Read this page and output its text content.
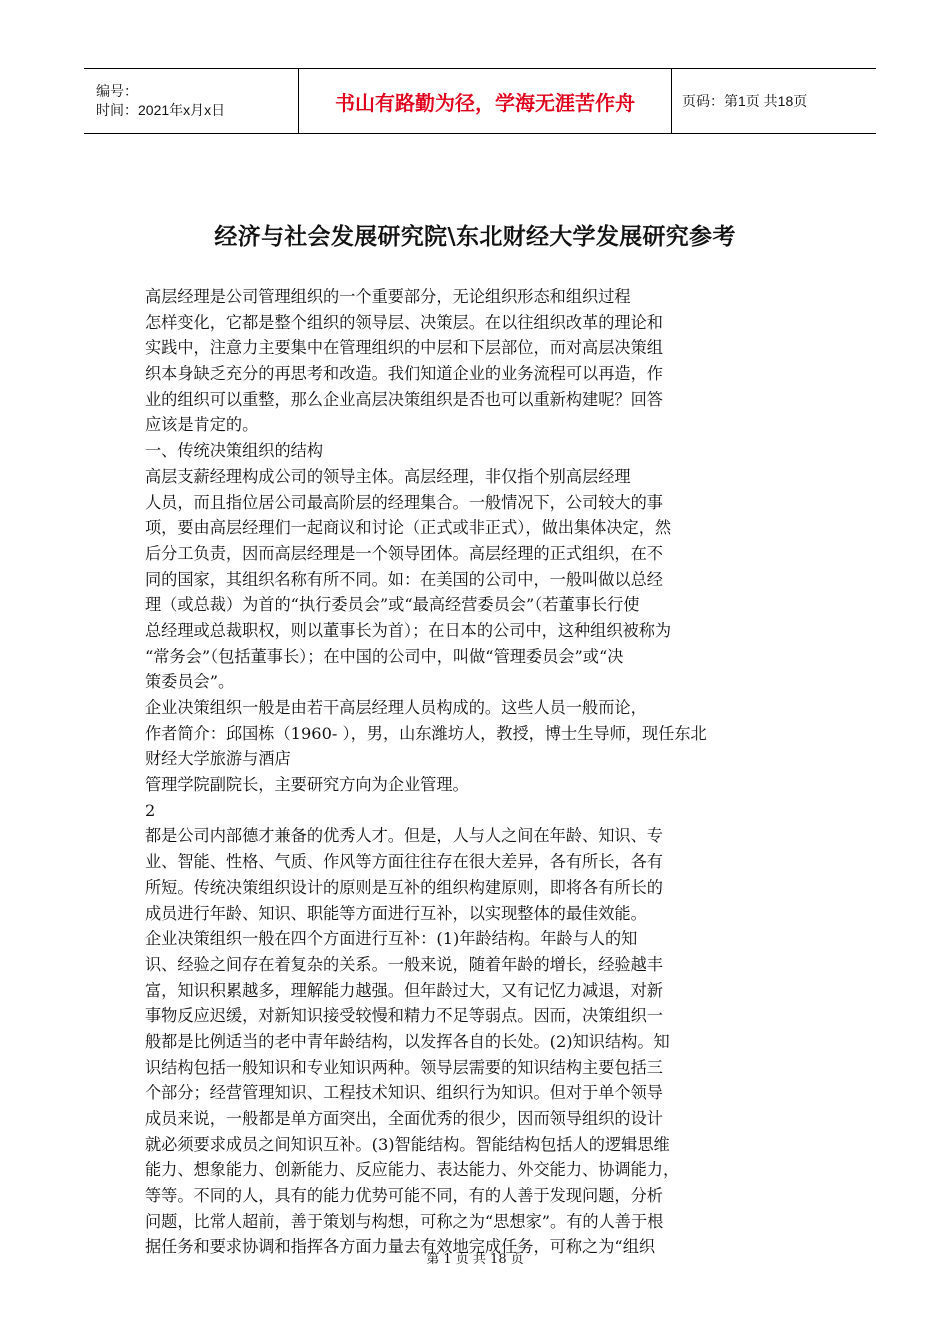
编号：
时间：2021年x月x日	书山有路勤为径，学海无涯苦作舟	页码：第1页 共18页
经济与社会发展研究院\东北财经大学发展研究参考
高层经理是公司管理组织的一个重要部分，无论组织形态和组织过程
怎样变化，它都是整个组织的领导层、决策层。在以往组织改革的理论和
实践中，注意力主要集中在管理组织的中层和下层部位，而对高层决策组
织本身缺乏充分的再思考和改造。我们知道企业的业务流程可以再造，作
业的组织可以重整，那么企业高层决策组织是否也可以重新构建呢？回答
应该是肯定的。
一、传统决策组织的结构
高层支薪经理构成公司的领导主体。高层经理，非仅指个别高层经理
人员，而且指位居公司最高阶层的经理集合。一般情况下，公司较大的事
项，要由高层经理们一起商议和讨论（正式或非正式），做出集体决定，然
后分工负责，因而高层经理是一个领导团体。高层经理的正式组织，在不
同的国家，其组织名称有所不同。如：在美国的公司中，一般叫做以总经
理（或总裁）为首的“执行委员会”或“最高经营委员会”（若董事长行使
总经理或总裁职权，则以董事长为首）；在日本的公司中，这种组织被称为
“常务会”（包括董事长）；在中国的公司中，叫做“管理委员会”或“决
策委员会”。
企业决策组织一般是由若干高层经理人员构成的。这些人员一般而论，
作者简介：邱国栋（1960- ），男，山东潍坊人，教授，博士生导师，现任东北
财经大学旅游与酒店
管理学院副院长，主要研究方向为企业管理。
2
都是公司内部德才兼备的优秀人才。但是，人与人之间在年龄、知识、专
业、智能、性格、气质、作风等方面往往存在很大差异，各有所长，各有
所短。传统决策组织设计的原则是互补的组织构建原则，即将各有所长的
成员进行年龄、知识、职能等方面进行互补，以实现整体的最佳效能。
企业决策组织一般在四个方面进行互补：(1)年龄结构。年龄与人的知
识、经验之间存在着复杂的关系。一般来说，随着年龄的增长，经验越丰
富，知识积累越多，理解能力越强。但年龄过大，又有记忆力减退，对新
事物反应迟缓，对新知识接受较慢和精力不足等弱点。因而，决策组织一
般都是比例适当的老中青年龄结构，以发挥各自的长处。(2)知识结构。知
识结构包括一般知识和专业知识两种。领导层需要的知识结构主要包括三
个部分；经营管理知识、工程技术知识、组织行为知识。但对于单个领导
成员来说，一般都是单方面突出，全面优秀的很少，因而领导组织的设计
就必须要求成员之间知识互补。(3)智能结构。智能结构包括人的逻辑思维
能力、想象能力、创新能力、反应能力、表达能力、外交能力、协调能力，
等等。不同的人，具有的能力优势可能不同，有的人善于发现问题，分析
问题，比常人超前，善于策划与构想，可称之为“思想家”。有的人善于根
据任务和要求协调和指挥各方面力量去有效地完成任务，可称之为“组织
第 1 页 共 18 页
